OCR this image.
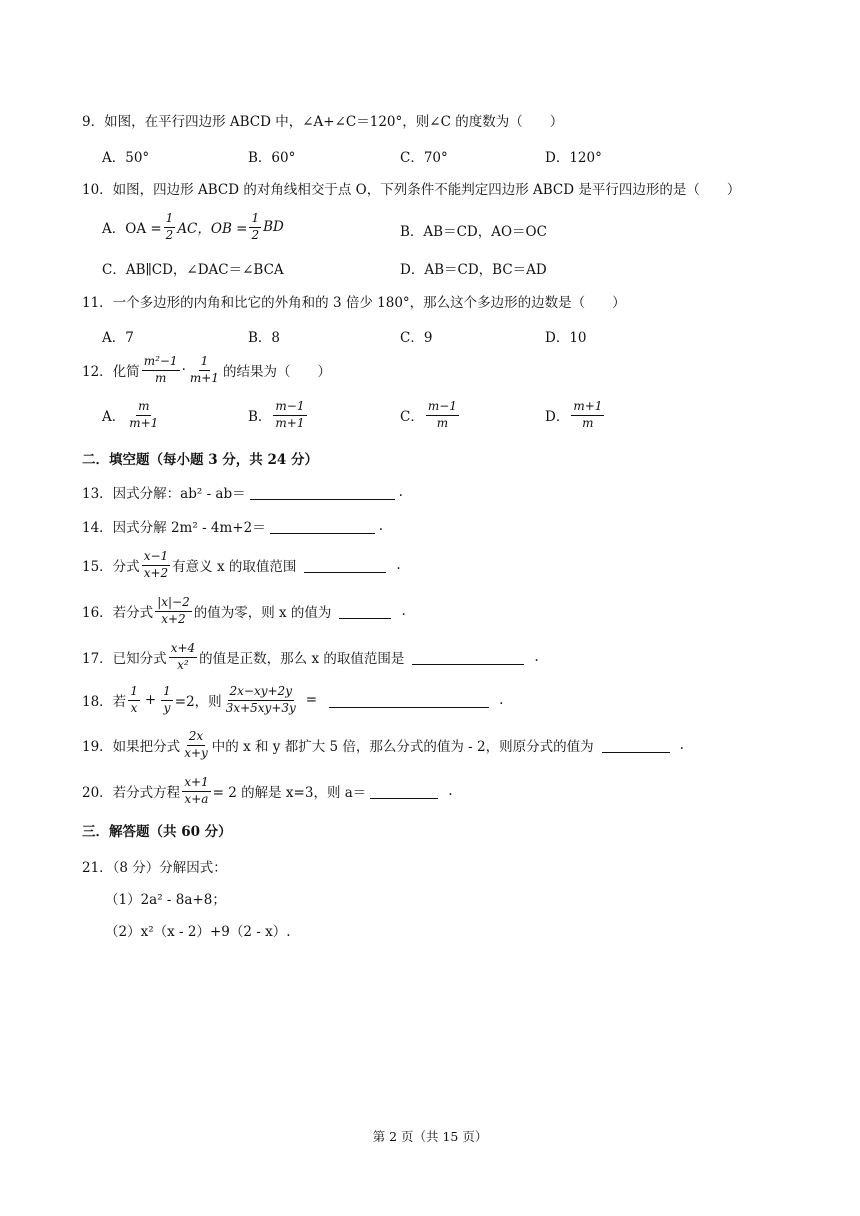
9．如图，在平行四边形 ABCD 中，∠A+∠C＝120°，则∠C 的度数为（　　）
A．50°	B．60°	C．70°	D．120°
10．如图，四边形 ABCD 的对角线相交于点 O，下列条件不能判定四边形 ABCD 是平行四边形的是（　　）
A．OA = $\frac{1}{2}$ AC，OB = $\frac{1}{2}$ BD	B．AB＝CD，AO＝OC
C．AB∥CD，∠DAC＝∠BCA	D．AB＝CD，BC＝AD
11．一个多边形的内角和比它的外角和的 3 倍少 180°，那么这个多边形的边数是（　　）
A．7	B．8	C．9	D．10
12．化简 $\frac{\text{m²−1}}{m} \cdot \frac{1}{m+1}$ 的结果为（　　）
A． $\frac{m}{m+1}$	B． $\frac{m-1}{m+1}$	C． $\frac{m-1}{m}$	D． $\frac{m+1}{m}$
二．填空题（每小题 3 分，共 24 分）
13．因式分解：ab² - ab＝	.
14．因式分解 2m² - 4m+2＝	.
15．分式 $\frac{x-1}{x+2}$ 有意义 x 的取值范围	.
16．若分式 $\frac{|x|-2}{x+2}$ 的值为零，则 x 的值为	.
17．已知分式 $\frac{x+4}{\text{x²}}$ 的值是正数，那么 x 的取值范围是	.
18．若 $\frac{1}{x} + \frac{1}{y} =2$，则 $\frac{2x-xy+2y}{3x+5xy+3y}$ =	.
19．如果把分式 $\frac{2x}{x+y}$ 中的 x 和 y 都扩大 5 倍，那么分式的值为 - 2，则原分式的值为	.
20．若分式方程 $\frac{x+1}{x+a} = 2$ 的解是 x=3，则 a＝	.
三．解答题（共 60 分）
21．（8 分）分解因式：
（1）2a² - 8a+8；
（2）x²（x - 2）+9（2 - x）.
第 2 页（共 15 页）
